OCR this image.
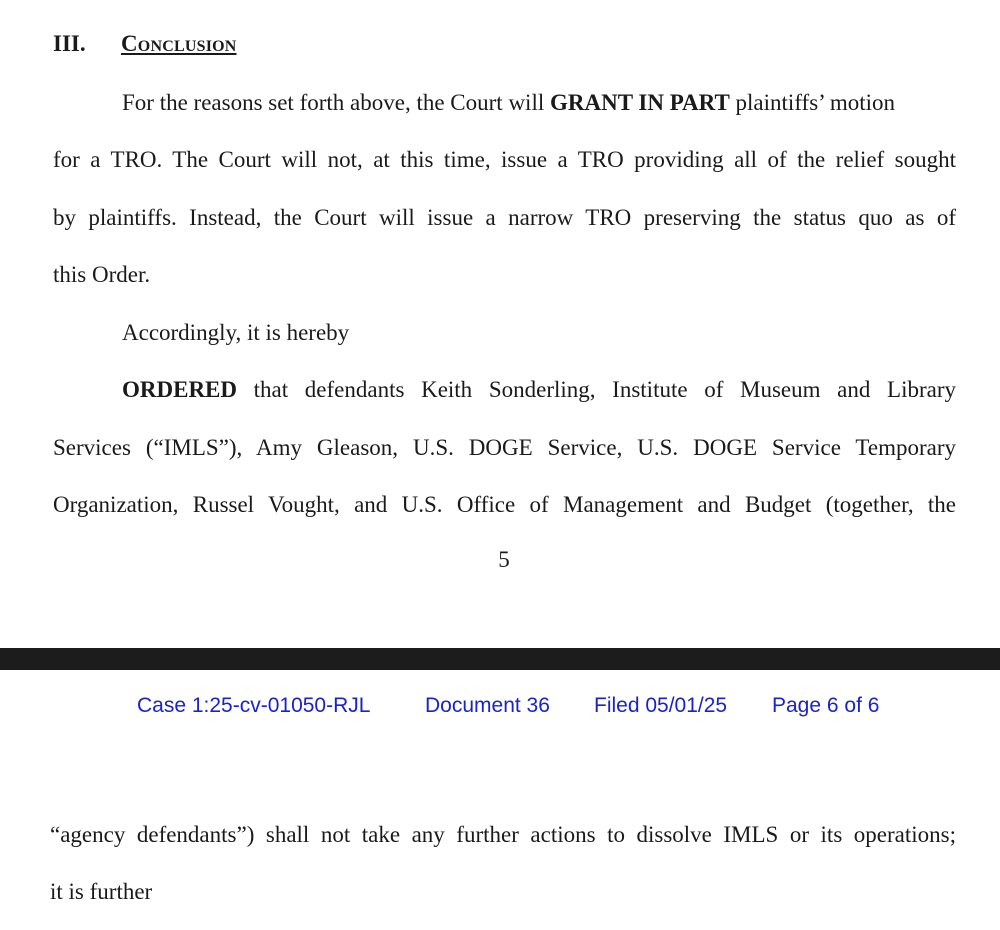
III. Conclusion
For the reasons set forth above, the Court will GRANT IN PART plaintiffs’ motion
for a TRO. The Court will not, at this time, issue a TRO providing all of the relief sought
by plaintiffs. Instead, the Court will issue a narrow TRO preserving the status quo as of
this Order.
Accordingly, it is hereby
ORDERED that defendants Keith Sonderling, Institute of Museum and Library
Services (“IMLS”), Amy Gleason, U.S. DOGE Service, U.S. DOGE Service Temporary
Organization, Russel Vought, and U.S. Office of Management and Budget (together, the
5
Case 1:25-cv-01050-RJL	Document 36 Filed 05/01/25 Page 6 of 6
“agency defendants”) shall not take any further actions to dissolve IMLS or its operations;
it is further
